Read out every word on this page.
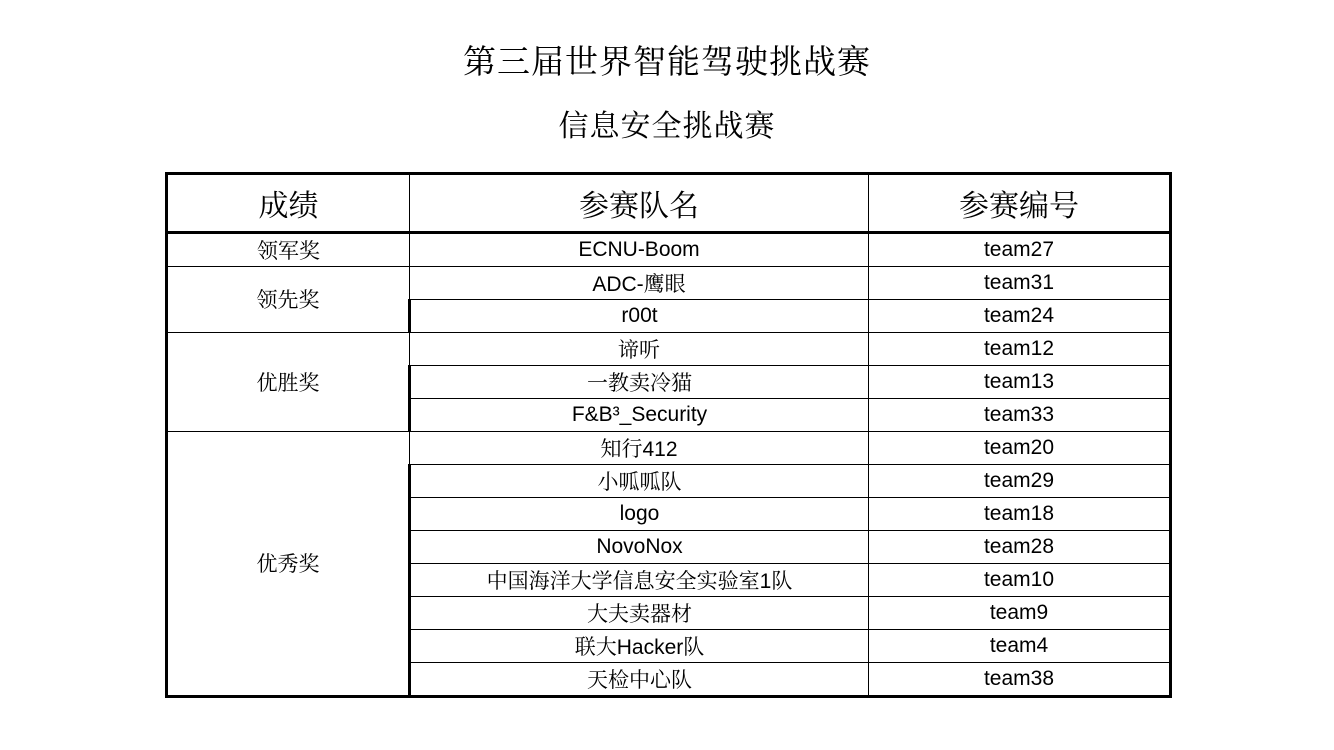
第三届世界智能驾驶挑战赛
信息安全挑战赛
成绩	参赛队名	参赛编号
领军奖	ECNU-Boom	team27
领先奖	ADC-鹰眼	team31
	r00t	team24
优胜奖	谛听	team12
	一教卖冷猫	team13
	F&B³_Security	team33
优秀奖	知行412	team20
	小呱呱队	team29
	logo	team18
	NovoNox	team28
	中国海洋大学信息安全实验室1队	team10
	大夫卖器材	team9
	联大Hacker队	team4
	天检中心队	team38
